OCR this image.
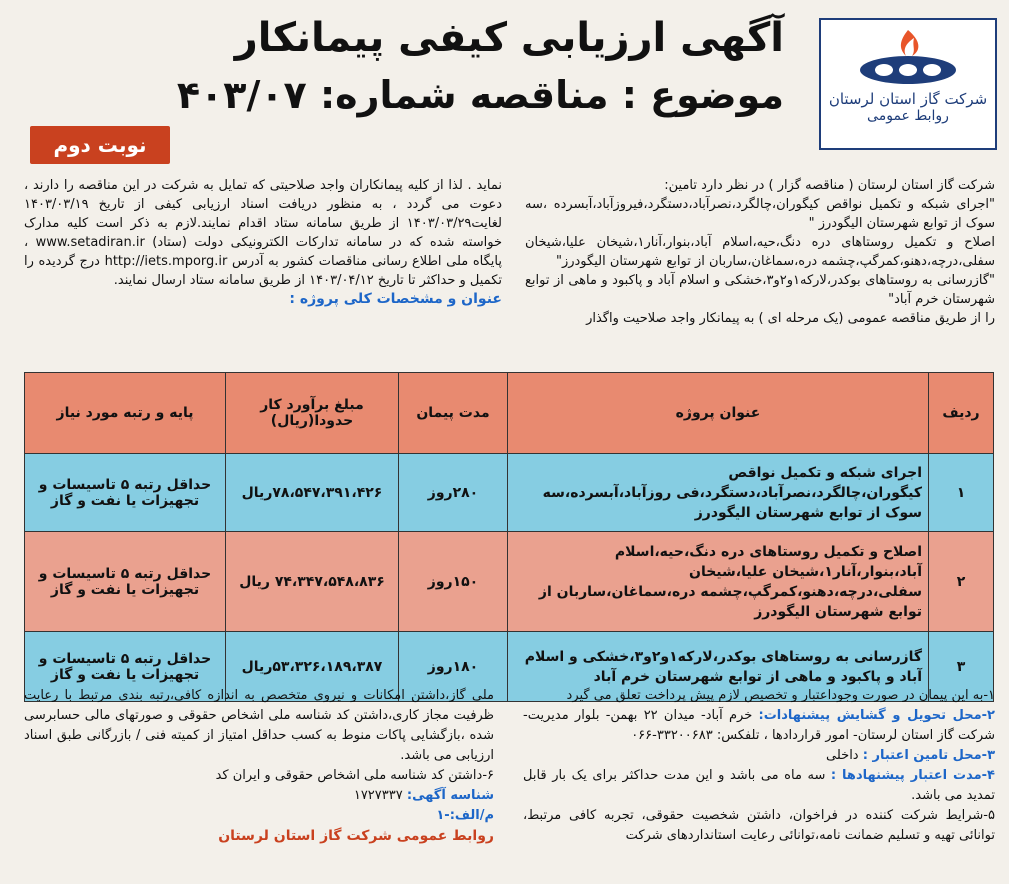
شرکت گاز استان لرستان
روابط عمومی
آگهی ارزیابی کیفی پیمانکار
موضوع : مناقصه شماره: ۴۰۳/۰۷
نوبت دوم

شرکت گاز استان لرستان ( مناقصه گزار ) در نظر دارد تامین:

"اجرای شبکه و تکمیل نواقص کیگوران،چالگرد،نصرآباد،دستگرد،فیروزآباد،آبسرده ،سه سوک از توابع شهرستان الیگودرز "

اصلاح و تکمیل روستاهای دره دنگ،حیه،اسلام آباد،بنوار،آنار۱،شیخان علیا،شیخان سفلی،درچه،دهنو،کمرگپ،چشمه دره،سماغان،ساربان از توابع شهرستان الیگودرز"

"گازرسانی به روستاهای بوکدر،لارکه۱و۲و۳،خشکی و اسلام آباد و پاکبود و ماهی از توابع شهرستان خرم آباد"

را از طریق مناقصه عمومی (یک مرحله ای ) به پیمانکار واجد صلاحیت واگذار

نماید . لذا از کلیه پیمانکاران واجد صلاحیتی که تمایل به شرکت در این مناقصه را دارند ، دعوت می گردد ، به منظور دریافت اسناد ارزیابی کیفی از تاریخ ۱۴۰۳/۰۳/۱۹ لغایت۱۴۰۳/۰۳/۲۹ از طریق سامانه ستاد اقدام نمایند.لازم به ذکر است کلیه مدارک خواسته شده که در سامانه تدارکات الکترونیکی دولت (ستاد) www.setadiran.ir ، پایگاه ملی اطلاع رسانی مناقصات کشور به آدرس http://iets.mporg.ir درج گردیده را تکمیل و حداکثر تا تاریخ ۱۴۰۳/۰۴/۱۲ از طریق سامانه ستاد ارسال نمایند.

عنوان و مشخصات کلی پروژه :

ردیف	عنوان پروژه	مدت پیمان	مبلغ برآورد کار حدودا(ریال)	پایه و رتبه مورد نیاز
۱	اجرای شبکه و تکمیل نواقص کیگوران،چالگرد،نصرآباد،دستگرد،فی روزآباد،آبسرده،سه سوک از توابع شهرستان الیگودرز	۲۸۰روز	۷۸،۵۴۷،۳۹۱،۴۲۶ریال	حداقل رتبه ۵ تاسیسات و تجهیزات یا نفت و گاز
۲	اصلاح و تکمیل روستاهای دره دنگ،حیه،اسلام آباد،بنوار،آنار۱،شیخان علیا،شیخان سفلی،درچه،دهنو،کمرگپ،چشمه دره،سماغان،ساربان از توابع شهرستان الیگودرز	۱۵۰روز	۷۴،۳۴۷،۵۴۸،۸۳۶ ریال	حداقل رتبه ۵ تاسیسات و تجهیزات یا نفت و گاز
۳	گازرسانی به روستاهای بوکدر،لارکه۱و۲و۳،خشکی و اسلام آباد و پاکبود و ماهی از توابع شهرستان خرم آباد	۱۸۰روز	۵۳،۳۲۶،۱۸۹،۳۸۷ریال	حداقل رتبه ۵ تاسیسات و تجهیزات یا نفت و گاز

۱-به این پیمان در صورت وجوداعتبار و تخصیص لازم پیش پرداخت تعلق می گیرد

۲-محل تحویل و گشایش پیشنهادات: خرم آباد- میدان ۲۲ بهمن- بلوار مدیریت- شرکت گاز استان لرستان- امور قراردادها ، تلفکس: ۳۳۲۰۰۶۸۳-۰۶۶

۳-محل تامین اعتبار : داخلی

۴-مدت اعتبار پیشنهادها : سه ماه می باشد و این مدت حداکثر برای یک بار قابل تمدید می باشد.

۵-شرایط شرکت کننده در فراخوان، داشتن شخصیت حقوقی، تجربه کافی مرتبط، توانائی تهیه و تسلیم ضمانت نامه،توانائی رعایت استانداردهای شرکت

ملی گاز،داشتن امکانات و نیروی متخصص به اندازه کافی،رتبه بندی مرتبط با رعایت ظرفیت مجاز کاری،داشتن کد شناسه ملی اشخاص حقوقی و صورتهای مالی حسابرسی شده ،بازگشایی پاکات منوط به کسب حداقل امتیاز از کمیته فنی / بازرگانی طبق اسناد ارزیابی می باشد.

۶-داشتن کد شناسه ملی اشخاص حقوقی و ایران کد

شناسه آگهی: ۱۷۲۷۳۳۷

م/الف:-۱

روابط عمومی شرکت گاز استان لرستان
